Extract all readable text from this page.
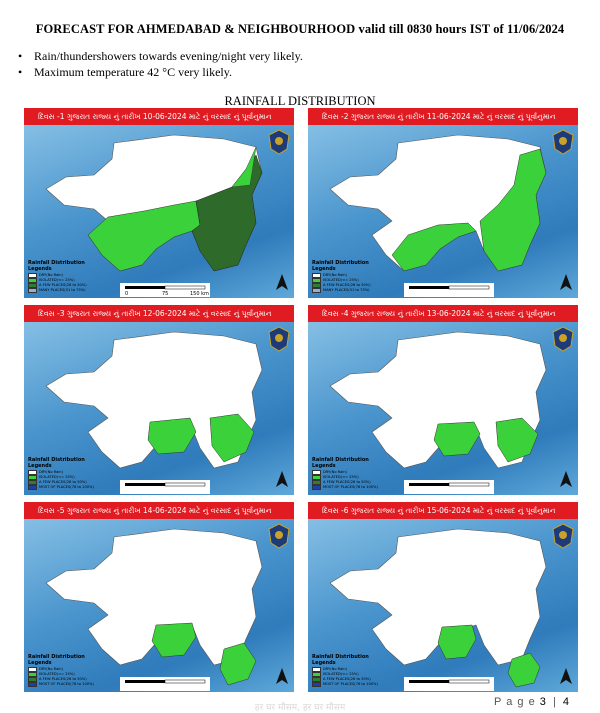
FORECAST FOR AHMEDABAD & NEIGHBOURHOOD valid till 0830 hours IST of 11/06/2024
• Rain/thundershowers towards evening/night very likely.
• Maximum temperature 42 °C very likely.
RAINFALL DISTRIBUTION
દિવસ -1 ગુજરાત રાજ્ય નું તારીખ 10-06-2024 માટે નું વરસાદ નું પૂર્વાનુમાન
Rainfall Distribution Legends
DRY(No Rain)
ISOLATED(<= 25%)
A FEW PLACES(26 to 50%)
MANY PLACES(51 to 75%)
0	75	150 km
દિવસ -2 ગુજરાત રાજ્ય નું તારીખ 11-06-2024 માટે નું વરસાદ નું પૂર્વાનુમાન
Rainfall Distribution Legends
DRY(No Rain)
ISOLATED(<= 25%)
A FEW PLACES(26 to 50%)
MANY PLACES(51 to 75%)
દિવસ -3 ગુજરાત રાજ્ય નું તારીખ 12-06-2024 માટે નું વરસાદ નું પૂર્વાનુમાન
Rainfall Distribution Legends
DRY(No Rain)
ISOLATED(<= 25%)
A FEW PLACES(26 to 50%)
MOST OF PLACES(76 to 100%)
દિવસ -4 ગુજરાત રાજ્ય નું તારીખ 13-06-2024 માટે નું વરસાદ નું પૂર્વાનુમાન
Rainfall Distribution Legends
DRY(No Rain)
ISOLATED(<= 25%)
A FEW PLACES(26 to 50%)
MOST OF PLACES(76 to 100%)
દિવસ -5 ગુજરાત રાજ્ય નું તારીખ 14-06-2024 માટે નું વરસાદ નું પૂર્વાનુમાન
Rainfall Distribution Legends
DRY(No Rain)
ISOLATED(<= 25%)
A FEW PLACES(26 to 50%)
MOST OF PLACES(76 to 100%)
દિવસ -6 ગુજરાત રાજ્ય નું તારીખ 15-06-2024 માટે નું વરસાદ નું પૂર્વાનુમાન
Rainfall Distribution Legends
DRY(No Rain)
ISOLATED(<= 25%)
A FEW PLACES(26 to 50%)
MOST OF PLACES(76 to 100%)
हर घर मौसम, हर घर मौसम	P a g e 3 | 4
